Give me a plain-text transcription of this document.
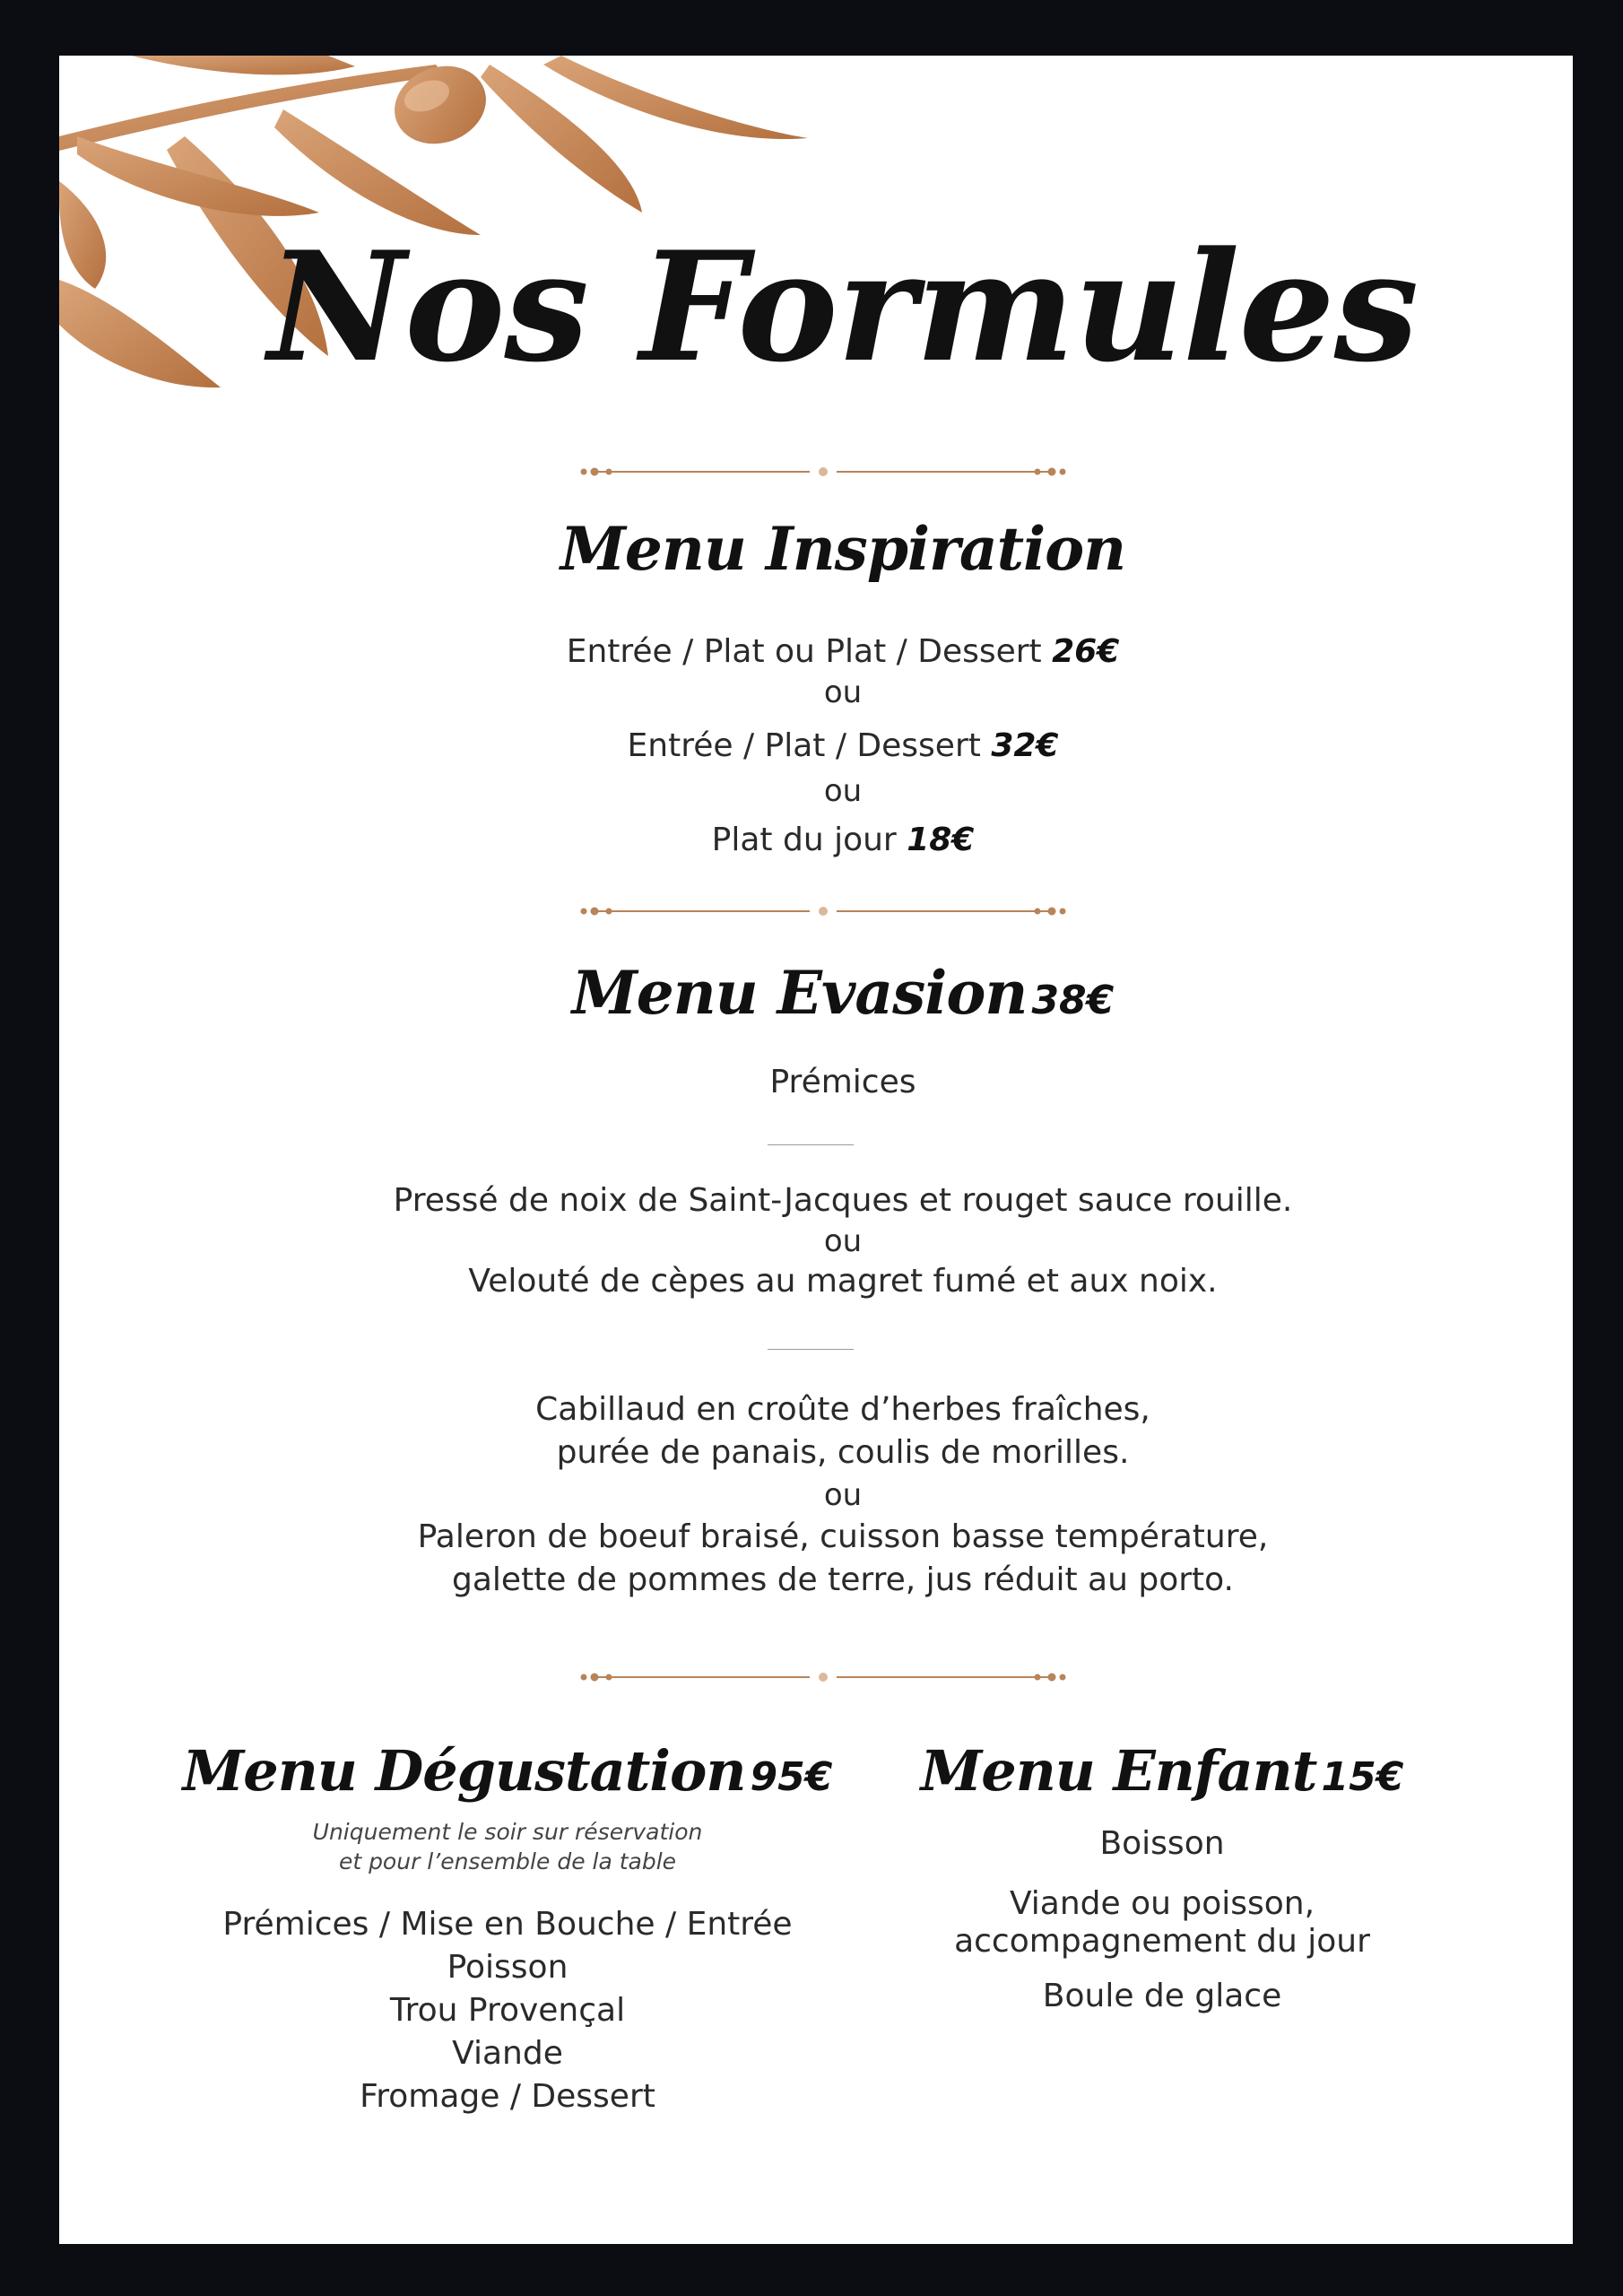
Nos Formules
Menu Inspiration
Entrée / Plat ou Plat / Dessert 26€
ou
Entrée / Plat / Dessert 32€
ou
Plat du jour 18€
Menu Evasion 38€
Prémices
Pressé de noix de Saint-Jacques et rouget sauce rouille.
ou
Velouté de cèpes au magret fumé et aux noix.
Cabillaud en croûte d’herbes fraîches,
purée de panais, coulis de morilles.
ou
Paleron de boeuf braisé, cuisson basse température,
galette de pommes de terre, jus réduit au porto.
Menu Dégustation 95€
Uniquement le soir sur réservation
et pour l’ensemble de la table
Prémices / Mise en Bouche / Entrée
Poisson
Trou Provençal
Viande
Fromage / Dessert
Menu Enfant 15€
Boisson
Viande ou poisson,
accompagnement du jour
Boule de glace
